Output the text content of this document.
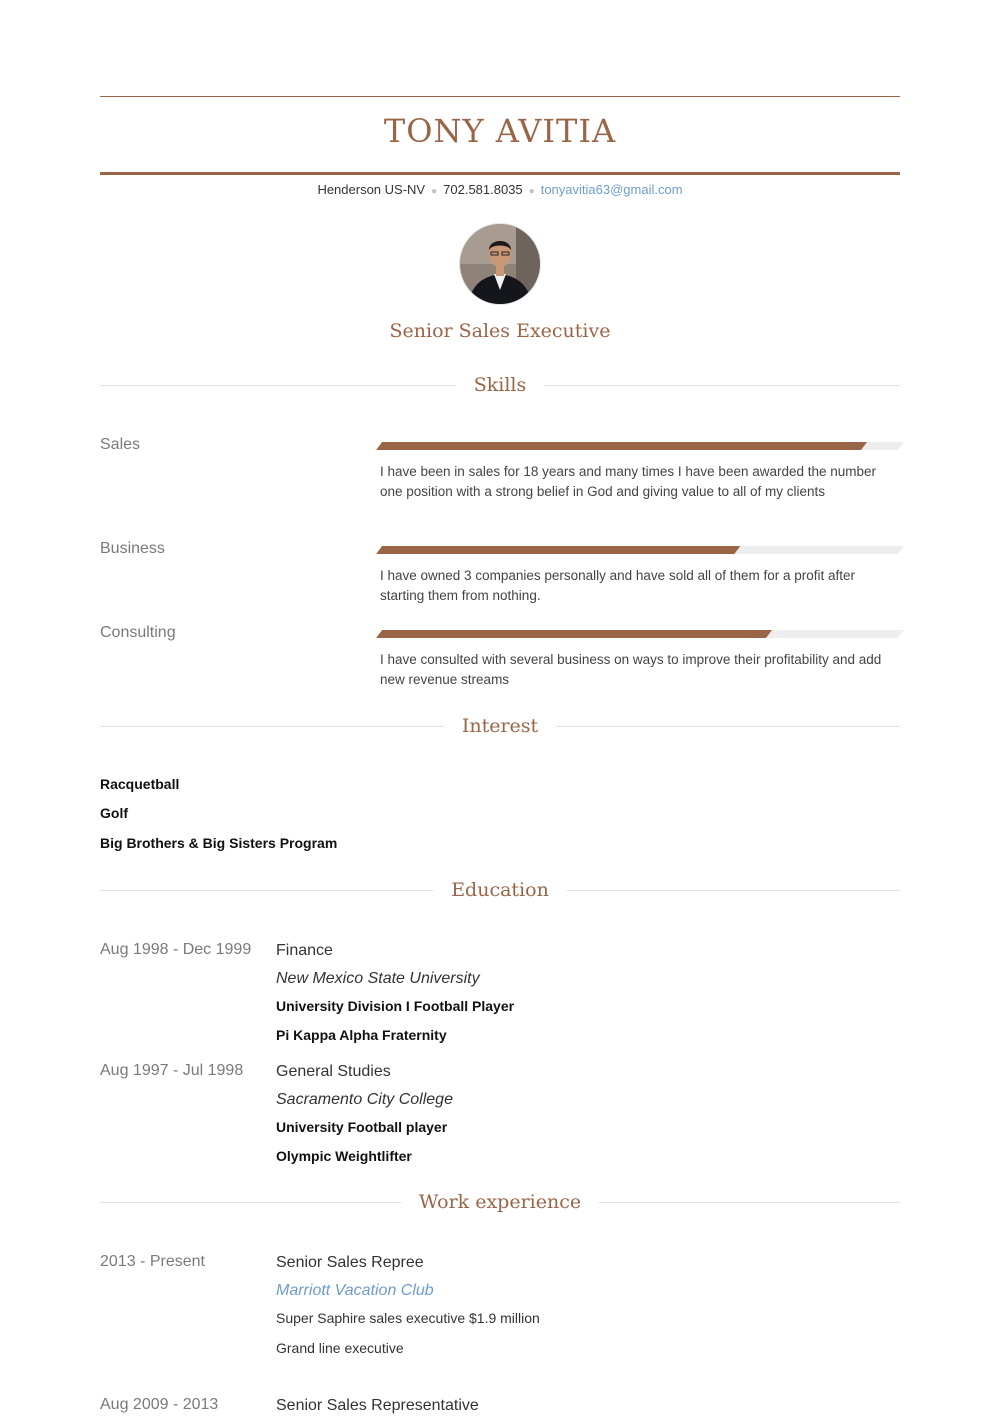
TONY AVITIA
Henderson US-NV ● 702.581.8035 ● tonyavitia63@gmail.com
Senior Sales Executive
Skills
Sales
I have been in sales for 18 years and many times I have been awarded the number one position with a strong belief in God and giving value to all of my clients
Business
I have owned 3 companies personally and have sold all of them for a profit after starting them from nothing.
Consulting
I have consulted with several business on ways to improve their profitability and add new revenue streams
Interest
Racquetball
Golf
Big Brothers & Big Sisters Program
Education
Aug 1998 - Dec 1999 Finance
New Mexico State University
University Division I Football Player
Pi Kappa Alpha Fraternity
Aug 1997 - Jul 1998 General Studies
Sacramento City College
University Football player
Olympic Weightlifter
Work experience
2013 - Present	Senior Sales Repree
Marriott Vacation Club
Super Saphire sales executive $1.9 million
Grand line executive
Aug 2009 - 2013	Senior Sales Representative
